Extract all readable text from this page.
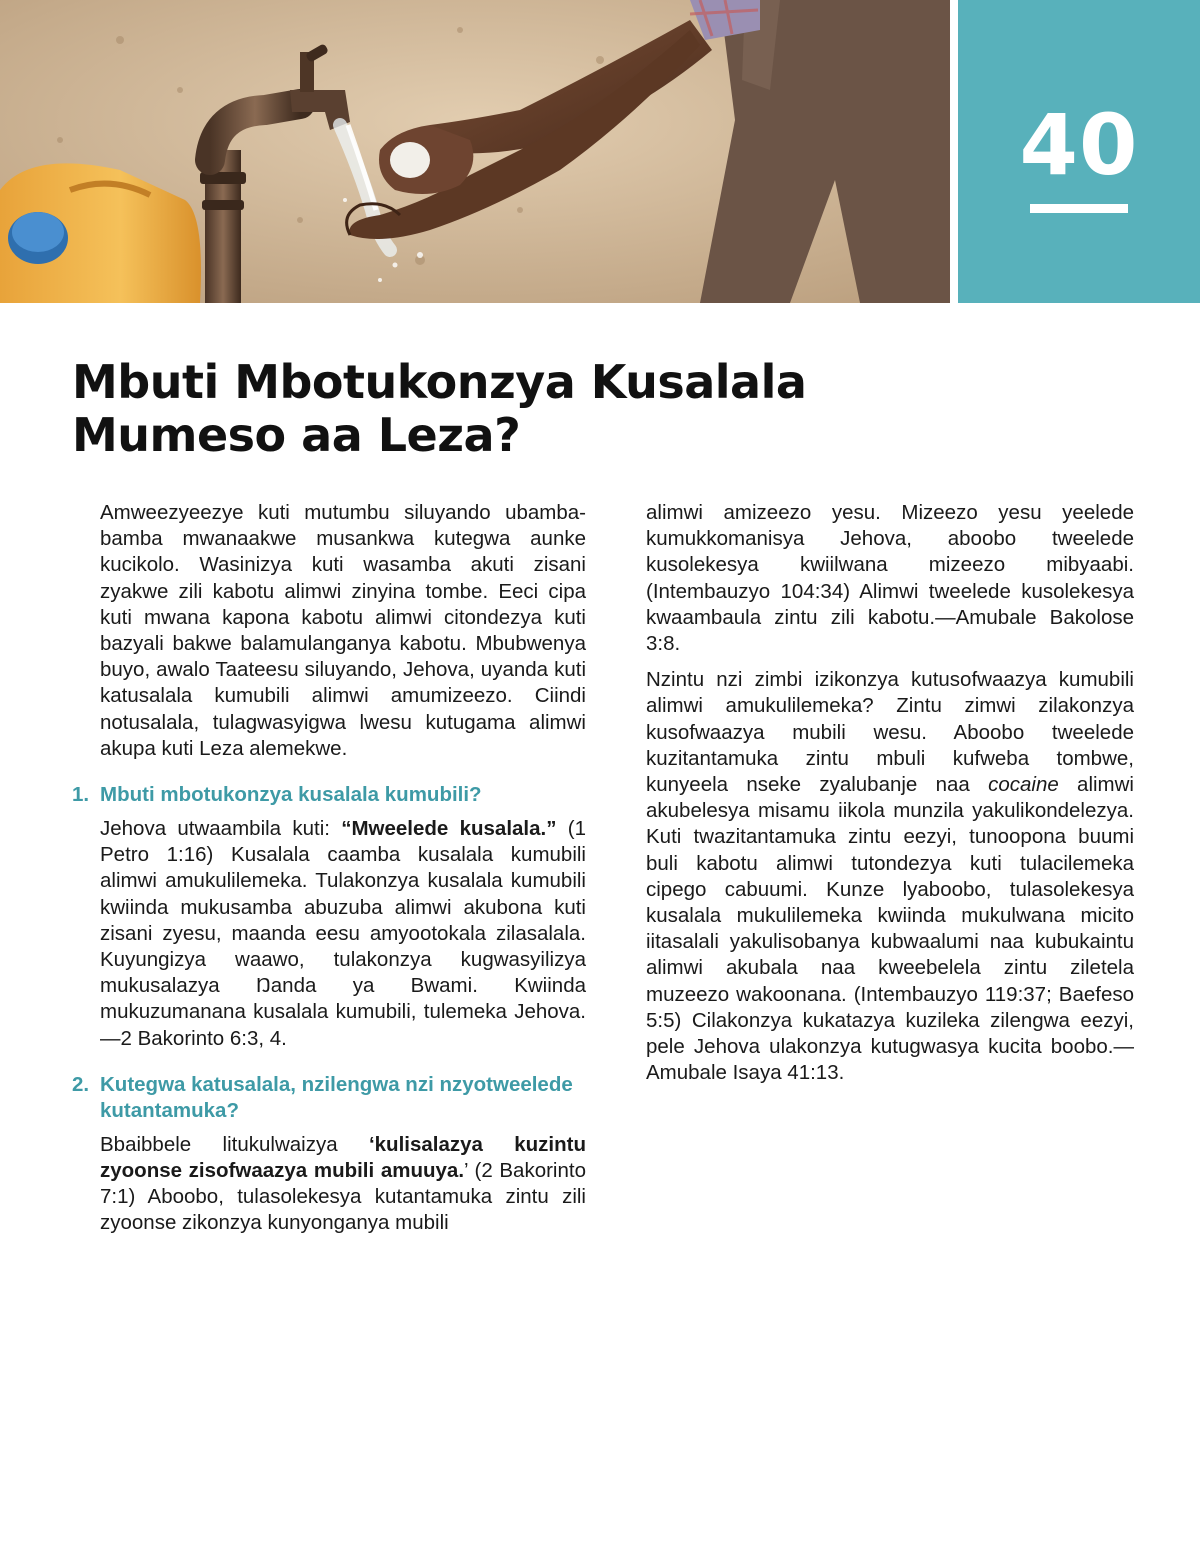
40
Mbuti Mbotukonzya Kusalala
Mumeso aa Leza?

Amweezyeezye kuti mutumbu siluyando ubamba-bamba mwanaakwe musankwa kutegwa aunke kucikolo. Wasinizya kuti wasamba akuti zisani zyakwe zili kabotu alimwi zinyina tombe. Eeci cipa kuti mwana kapona kabotu alimwi citondezya kuti bazyali bakwe balamulanganya kabotu. Mbubwenya buyo, awalo Taateesu siluyando, Jehova, uyanda kuti katusalala kumubili alimwi amumizeezo. Ciindi notusalala, tulagwasyigwa lwesu kutugama alimwi akupa kuti Leza alemekwe.

1. Mbuti mbotukonzya kusalala kumubili?

Jehova utwaambila kuti: “Mweelede kusalala.” (1 Petro 1:16) Kusalala caamba kusalala kumubili alimwi amukulilemeka. Tulakonzya kusalala kumubili kwiinda mukusamba abuzuba alimwi akubona kuti zisani zyesu, maanda eesu amyootokala zilasalala. Kuyungizya waawo, tulakonzya kugwasyilizya mukusalazya Ŋanda ya Bwami. Kwiinda mukuzumanana kusalala kumubili, tulemeka Jehova.—2 Bakorinto 6:3, 4.

2. Kutegwa katusalala, nzilengwa nzi nzyotweelede kutantamuka?

Bbaibbele litukulwaizya ‘kulisalazya kuzintu zyoonse zisofwaazya mubili amuuya.’ (2 Bakorinto 7:1) Aboobo, tulasolekesya kutantamuka zintu zili zyoonse zikonzya kunyonganya mubili

alimwi amizeezo yesu. Mizeezo yesu yeelede kumukkomanisya Jehova, aboobo tweelede kusolekesya kwiilwana mizeezo mibyaabi. (Intembauzyo 104:34) Alimwi tweelede kusolekesya kwaambaula zintu zili kabotu.—Amubale Bakolose 3:8.

Nzintu nzi zimbi izikonzya kutusofwaazya kumubili alimwi amukulilemeka? Zintu zimwi zilakonzya kusofwaazya mubili wesu. Aboobo tweelede kuzitantamuka zintu mbuli kufweba tombwe, kunyeela nseke zyalubanje naa cocaine alimwi akubelesya misamu iikola munzila yakulikondelezya. Kuti twazitantamuka zintu eezyi, tunoopona buumi buli kabotu alimwi tutondezya kuti tulacilemeka cipego cabuumi. Kunze lyaboobo, tulasolekesya kusalala mukulilemeka kwiinda mukulwana micito iitasalali yakulisobanya kubwaalumi naa kubukaintu alimwi akubala naa kweebelela zintu ziletela muzeezo wakoonana. (Intembauzyo 119:37; Baefeso 5:5) Cilakonzya kukatazya kuzileka zilengwa eezyi, pele Jehova ulakonzya kutugwasya kucita boobo.—Amubale Isaya 41:13.
